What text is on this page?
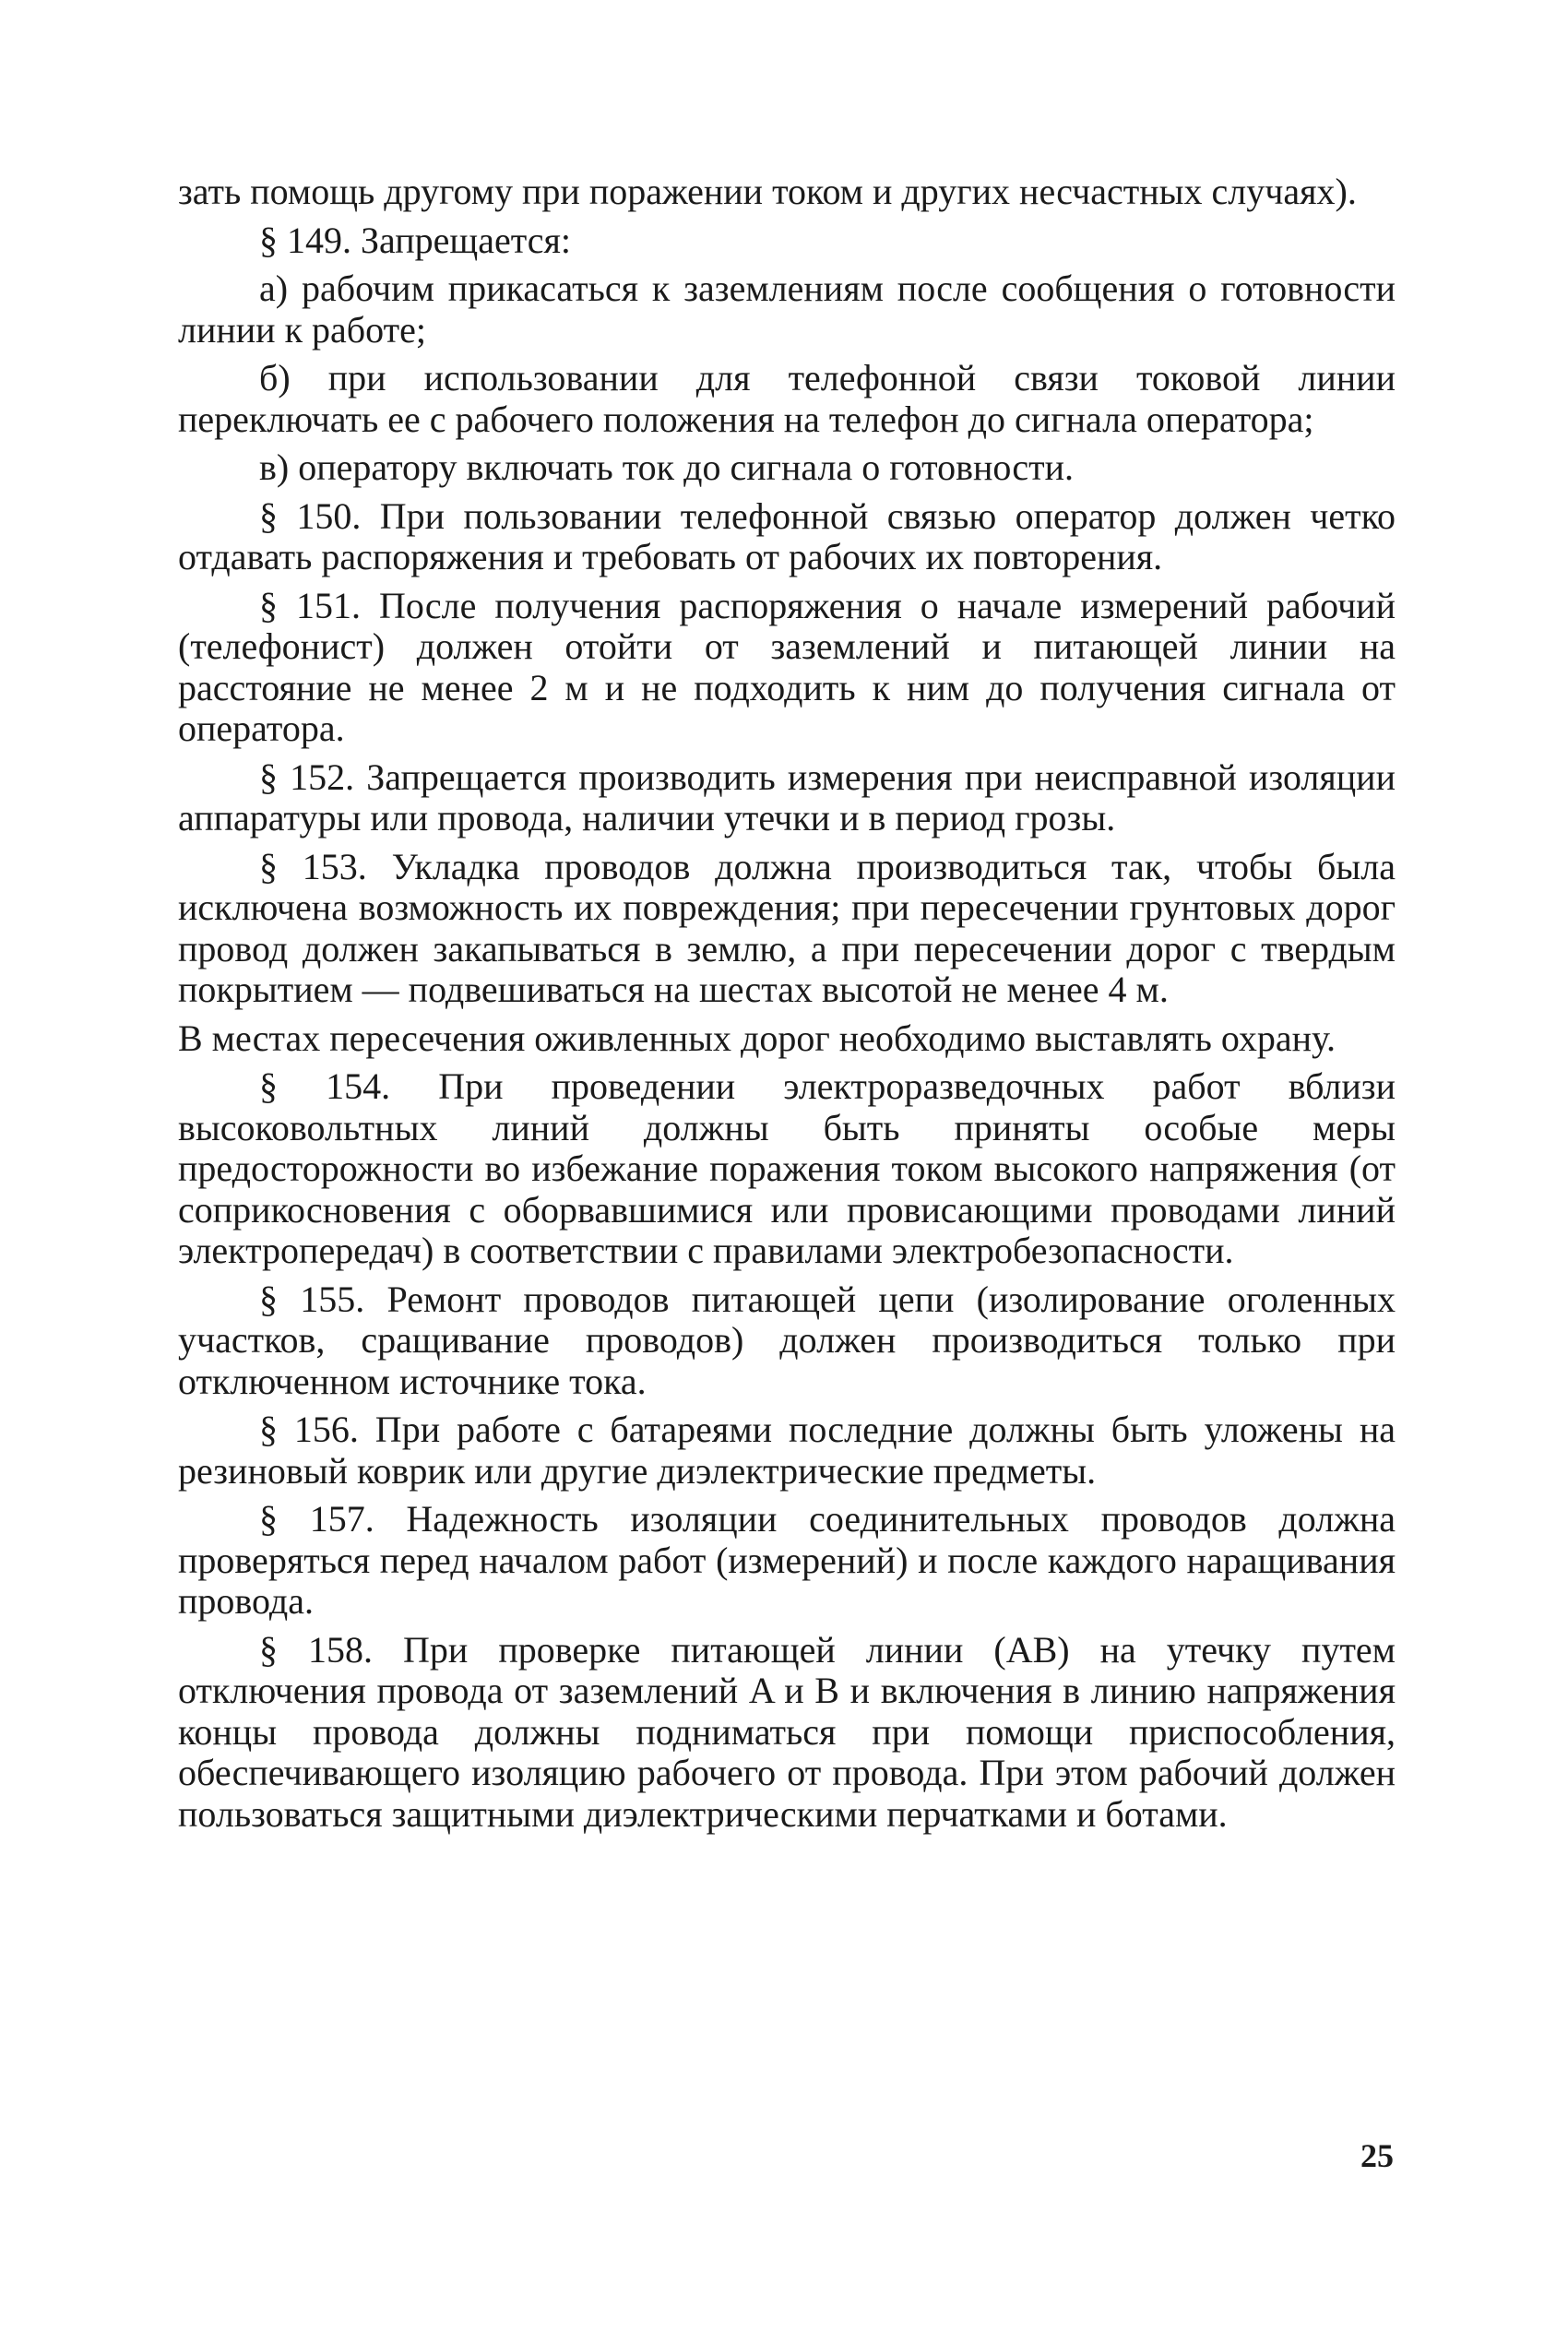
зать помощь другому при поражении током и других несчастных случаях).

§ 149. Запрещается:

а) рабочим прикасаться к заземлениям после сообщения о готовности линии к работе;

б) при использовании для телефонной связи токовой линии переключать ее с рабочего положения на телефон до сигнала оператора;

в) оператору включать ток до сигнала о готовности.

§ 150. При пользовании телефонной связью оператор должен четко отдавать распоряжения и требовать от рабочих их повторения.

§ 151. После получения распоряжения о начале измерений рабочий (телефонист) должен отойти от заземлений и питающей линии на расстояние не менее 2 м и не подходить к ним до получения сигнала от оператора.

§ 152. Запрещается производить измерения при неисправной изоляции аппаратуры или провода, наличии утечки и в период грозы.

§ 153. Укладка проводов должна производиться так, чтобы была исключена возможность их повреждения; при пересечении грунтовых дорог провод должен закапываться в землю, а при пересечении дорог с твердым покрытием — подвешиваться на шестах высотой не менее 4 м.

В местах пересечения оживленных дорог необходимо выставлять охрану.

§ 154. При проведении электроразведочных работ вблизи высоковольтных линий должны быть приняты особые меры предосторожности во избежание поражения током высокого напряжения (от соприкосновения с оборвавшимися или провисающими проводами линий электропередач) в соответствии с правилами электробезопасности.

§ 155. Ремонт проводов питающей цепи (изолирование оголенных участков, сращивание проводов) должен производиться только при отключенном источнике тока.

§ 156. При работе с батареями последние должны быть уложены на резиновый коврик или другие диэлектрические предметы.

§ 157. Надежность изоляции соединительных проводов должна проверяться перед началом работ (измерений) и после каждого наращивания провода.

§ 158. При проверке питающей линии (AB) на утечку путем отключения провода от заземлений A и B и включения в линию напряжения концы провода должны подниматься при помощи приспособления, обеспечивающего изоляцию рабочего от провода. При этом рабочий должен пользоваться защитными диэлектрическими перчатками и ботами.

25
